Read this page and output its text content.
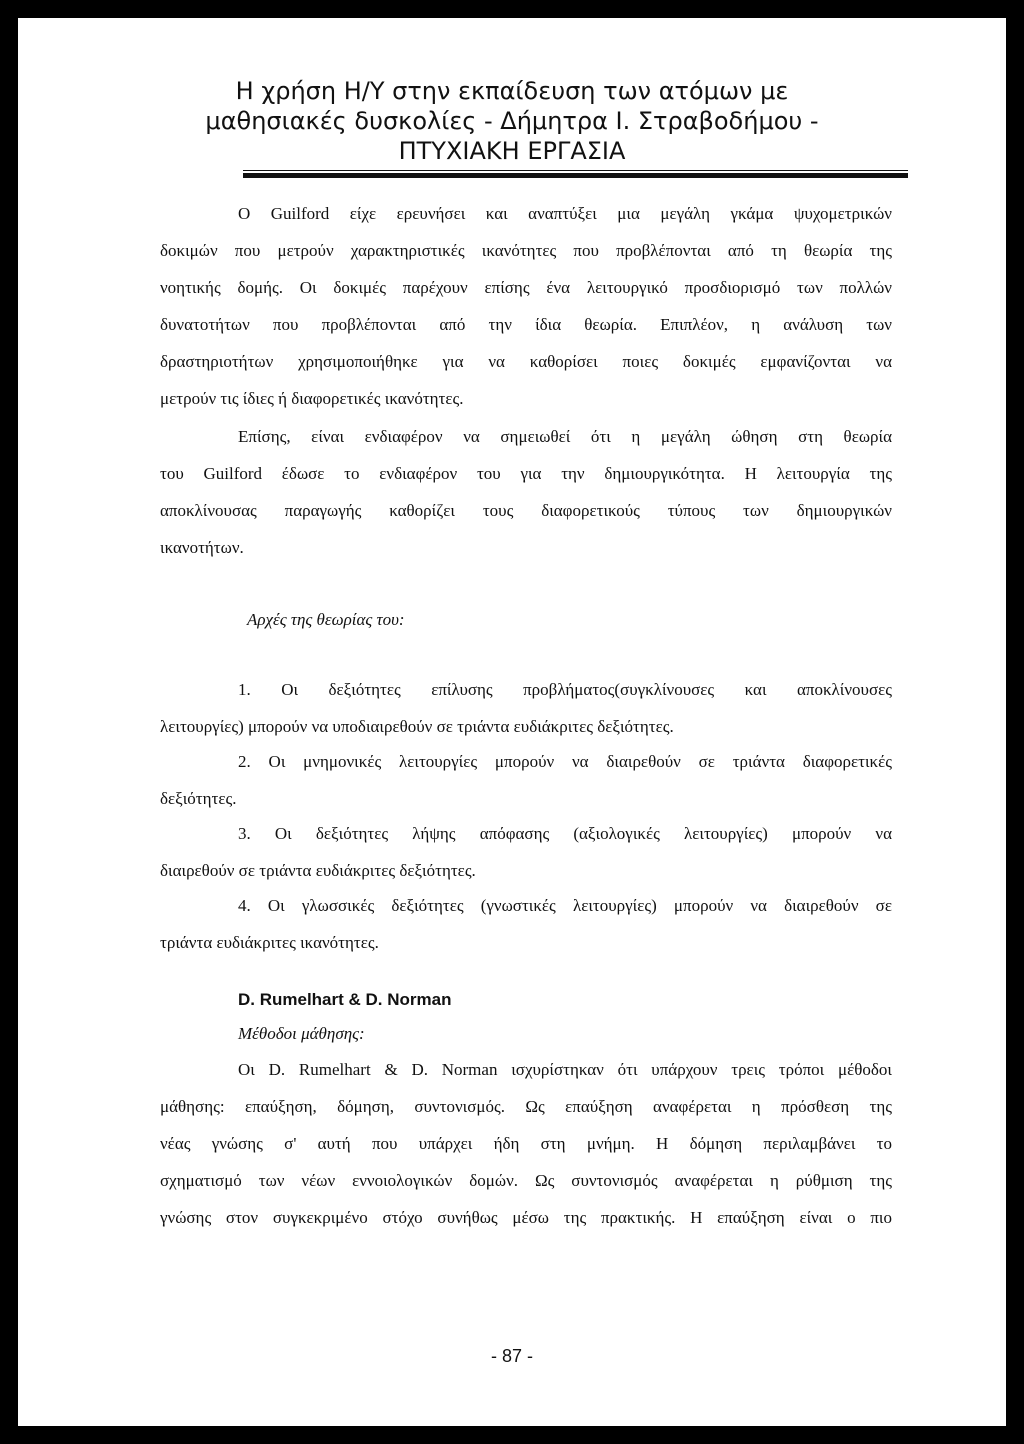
Η χρήση Η/Υ στην εκπαίδευση των ατόμων με
μαθησιακές δυσκολίες - Δήμητρα Ι. Στραβοδήμου -
ΠΤΥΧΙΑΚΗ ΕΡΓΑΣΙΑ
Ο Guilford είχε ερευνήσει και αναπτύξει μια μεγάλη γκάμα ψυχομετρικών
δοκιμών που μετρούν χαρακτηριστικές ικανότητες που προβλέπονται από τη θεωρία της
νοητικής δομής. Οι δοκιμές παρέχουν επίσης ένα λειτουργικό προσδιορισμό των πολλών
δυνατοτήτων που προβλέπονται από την ίδια θεωρία. Επιπλέον, η ανάλυση των
δραστηριοτήτων χρησιμοποιήθηκε για να καθορίσει ποιες δοκιμές εμφανίζονται να
μετρούν τις ίδιες ή διαφορετικές ικανότητες.
Επίσης, είναι ενδιαφέρον να σημειωθεί ότι η μεγάλη ώθηση στη θεωρία
του Guilford έδωσε το ενδιαφέρον του για την δημιουργικότητα. Η λειτουργία της
αποκλίνουσας παραγωγής καθορίζει τους διαφορετικούς τύπους των δημιουργικών
ικανοτήτων.
Αρχές της θεωρίας του:
1. Οι δεξιότητες επίλυσης προβλήματος(συγκλίνουσες και αποκλίνουσες
λειτουργίες) μπορούν να υποδιαιρεθούν σε τριάντα ευδιάκριτες δεξιότητες.
2. Οι μνημονικές λειτουργίες μπορούν να διαιρεθούν σε τριάντα διαφορετικές
δεξιότητες.
3. Οι δεξιότητες λήψης απόφασης (αξιολογικές λειτουργίες) μπορούν να
διαιρεθούν σε τριάντα ευδιάκριτες δεξιότητες.
4. Οι γλωσσικές δεξιότητες (γνωστικές λειτουργίες) μπορούν να διαιρεθούν σε
τριάντα ευδιάκριτες ικανότητες.
D. Rumelhart & D. Norman
Μέθοδοι μάθησης:
Οι D. Rumelhart & D. Norman ισχυρίστηκαν ότι υπάρχουν τρεις τρόποι μέθοδοι
μάθησης: επαύξηση, δόμηση, συντονισμός. Ως επαύξηση αναφέρεται η πρόσθεση της
νέας γνώσης σ' αυτή που υπάρχει ήδη στη μνήμη. Η δόμηση περιλαμβάνει το
σχηματισμό των νέων εννοιολογικών δομών. Ως συντονισμός αναφέρεται η ρύθμιση της
γνώσης στον συγκεκριμένο στόχο συνήθως μέσω της πρακτικής. Η επαύξηση είναι ο πιο
- 87 -
